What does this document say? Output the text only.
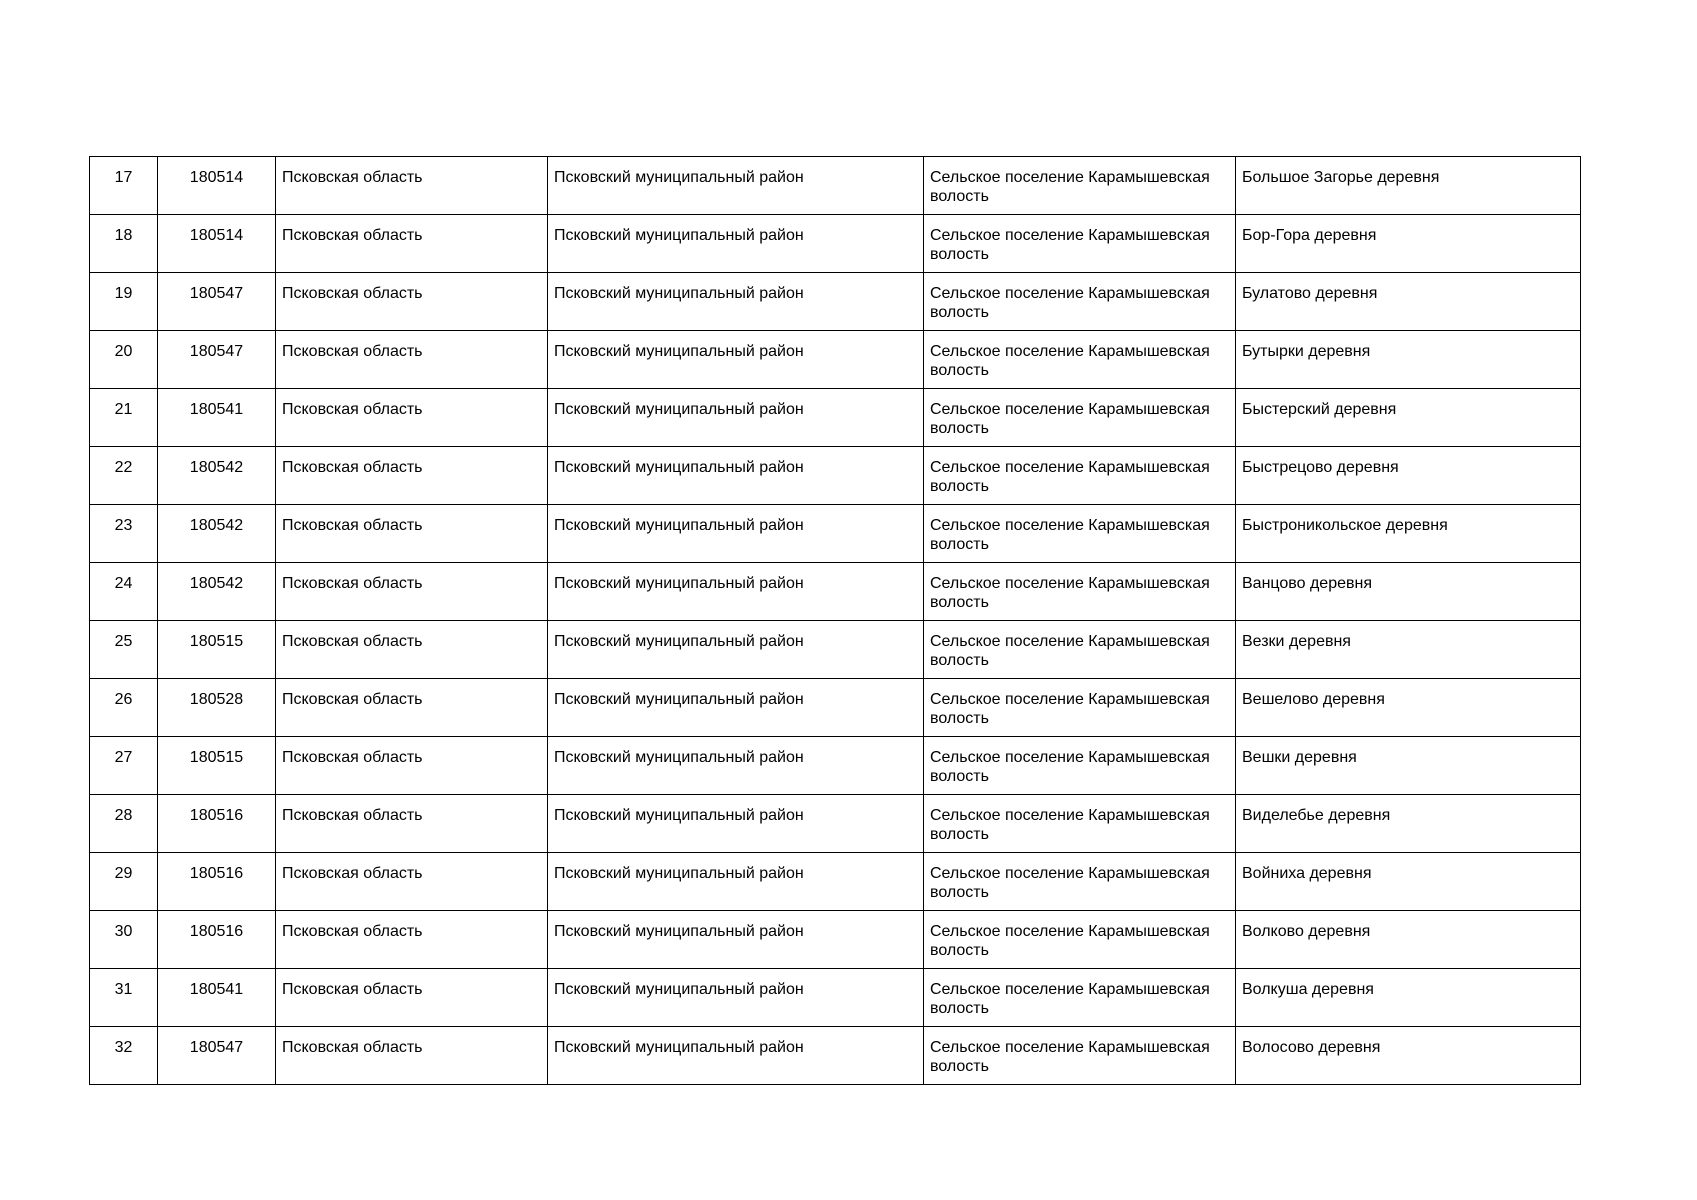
17	180514	Псковская область	Псковский муниципальный район	Сельское поселение Карамышевская волость	Большое Загорье деревня
18	180514	Псковская область	Псковский муниципальный район	Сельское поселение Карамышевская волость	Бор-Гора деревня
19	180547	Псковская область	Псковский муниципальный район	Сельское поселение Карамышевская волость	Булатово деревня
20	180547	Псковская область	Псковский муниципальный район	Сельское поселение Карамышевская волость	Бутырки деревня
21	180541	Псковская область	Псковский муниципальный район	Сельское поселение Карамышевская волость	Быстерский деревня
22	180542	Псковская область	Псковский муниципальный район	Сельское поселение Карамышевская волость	Быстрецово деревня
23	180542	Псковская область	Псковский муниципальный район	Сельское поселение Карамышевская волость	Быстроникольское деревня
24	180542	Псковская область	Псковский муниципальный район	Сельское поселение Карамышевская волость	Ванцово деревня
25	180515	Псковская область	Псковский муниципальный район	Сельское поселение Карамышевская волость	Везки деревня
26	180528	Псковская область	Псковский муниципальный район	Сельское поселение Карамышевская волость	Вешелово деревня
27	180515	Псковская область	Псковский муниципальный район	Сельское поселение Карамышевская волость	Вешки деревня
28	180516	Псковская область	Псковский муниципальный район	Сельское поселение Карамышевская волость	Виделебье деревня
29	180516	Псковская область	Псковский муниципальный район	Сельское поселение Карамышевская волость	Войниха деревня
30	180516	Псковская область	Псковский муниципальный район	Сельское поселение Карамышевская волость	Волково деревня
31	180541	Псковская область	Псковский муниципальный район	Сельское поселение Карамышевская волость	Волкуша деревня
32	180547	Псковская область	Псковский муниципальный район	Сельское поселение Карамышевская волость	Волосово деревня
